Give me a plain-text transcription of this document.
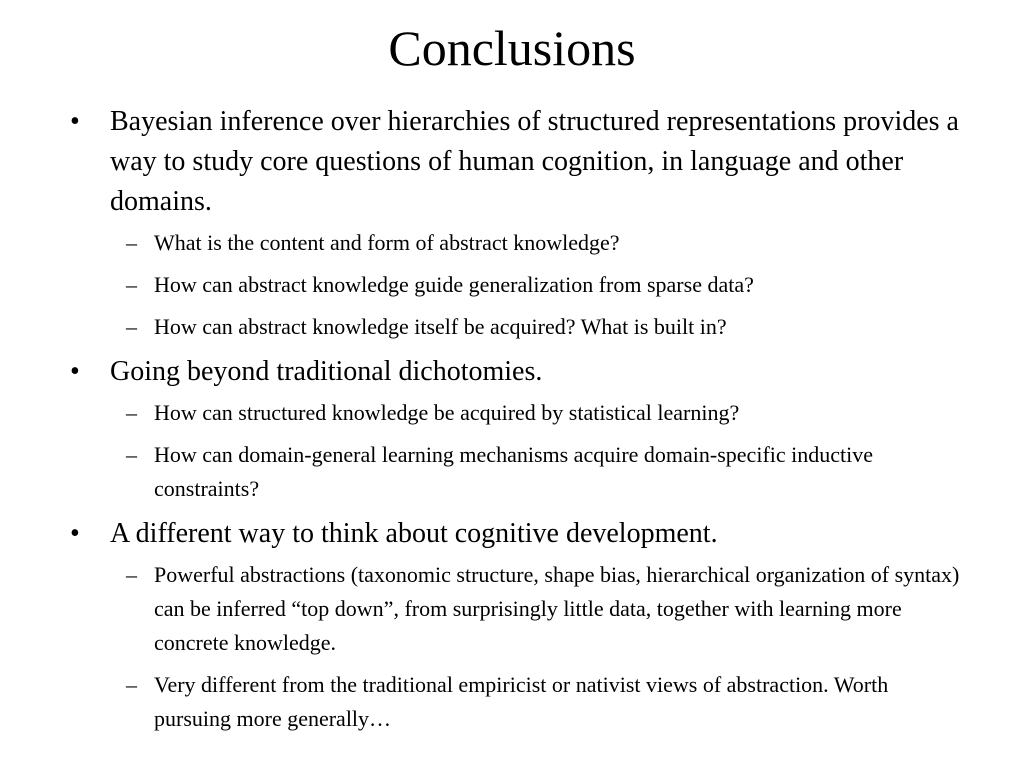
Conclusions
• Bayesian inference over hierarchies of structured representations provides a way to study core questions of human cognition, in language and other domains.
– What is the content and form of abstract knowledge?
– How can abstract knowledge guide generalization from sparse data?
– How can abstract knowledge itself be acquired? What is built in?
• Going beyond traditional dichotomies.
– How can structured knowledge be acquired by statistical learning?
– How can domain-general learning mechanisms acquire domain-specific inductive constraints?
• A different way to think about cognitive development.
– Powerful abstractions (taxonomic structure, shape bias, hierarchical organization of syntax) can be inferred “top down”, from surprisingly little data, together with learning more concrete knowledge.
– Very different from the traditional empiricist or nativist views of abstraction. Worth pursuing more generally…
